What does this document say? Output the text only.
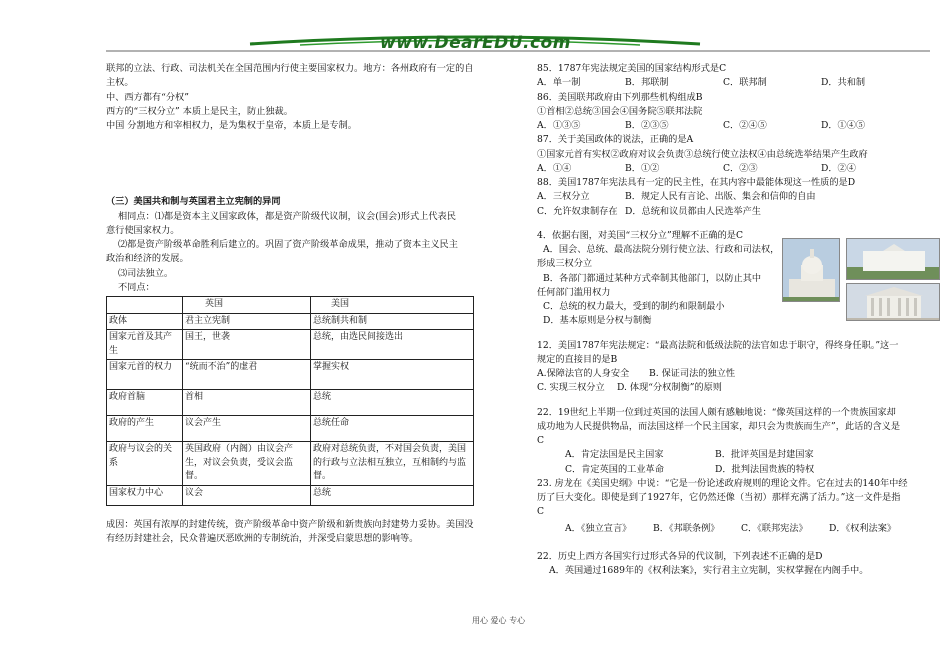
www.DearEDU.com
联邦的立法、行政、司法机关在全国范围内行使主要国家权力。地方：各州政府有一定的自
主权。
中、西方都有“分权”
西方的“三权分立” 本质上是民主，防止独裁。
中国 分割地方和宰相权力，是为集权于皇帝，本质上是专制。
（三）美国共和制与英国君主立宪制的异同
相同点：⑴都是资本主义国家政体，都是资产阶级代议制，议会(国会)形式上代表民
意行使国家权力。
⑵都是资产阶级革命胜利后建立的。巩固了资产阶级革命成果，推动了资本主义民主
政治和经济的发展。
⑶司法独立。
不同点：
	英国	美国
政体	君主立宪制	总统制共和制
国家元首及其产生	国王，世袭	总统，由选民间接选出
国家元首的权力	“统而不治”的虚君	掌握实权
政府首脑	首相	总统
政府的产生	议会产生	总统任命
政府与议会的关系	英国政府（内阁）由议会产生，对议会负责，受议会监督。	政府对总统负责，不对国会负责，美国的行政与立法相互独立，互相制约与监督。
国家权力中心	议会	总统
成因：英国有浓厚的封建传统，资产阶级革命中资产阶级和新贵族向封建势力妥协。美国没
有经历封建社会，民众普遍厌恶欧洲的专制统治，并深受启蒙思想的影响等。
85．1787年宪法规定美国的国家结构形式是C
A．单一制	B．邦联制	C．联邦制	D．共和制
86．美国联邦政府由下列那些机构组成B
①首相②总统③国会④国务院⑤联邦法院
A．①③⑤	B．②③⑤	C．②④⑤	D．①④⑤
87．关于美国政体的说法，正确的是A
①国家元首有实权②政府对议会负责③总统行使立法权④由总统选举结果产生政府
A．①④	B．①②	C．②③	D．②④
88．美国1787年宪法具有一定的民主性，在其内容中最能体现这一性质的是D
A．三权分立	B．规定人民有言论、出版、集会和信仰的自由
C．允许奴隶制存在 D．总统和议员都由人民选举产生
4．依据右图，对美国“三权分立”理解不正确的是C
A．国会、总统、最高法院分别行使立法、行政和司法权，
形成三权分立
B．各部门都通过某种方式牵制其他部门，以防止其中
任何部门滥用权力
C．总统的权力最大，受到的制约和限制最小
D．基本原则是分权与制衡
12．美国1787年宪法规定：“最高法院和低级法院的法官如忠于职守，得终身任职。”这一
规定的直接目的是B
A.保障法官的人身安全 B. 保证司法的独立性
C. 实现三权分立 D. 体现“分权制衡”的原则
22．19世纪上半期一位到过英国的法国人颇有感触地说：“像英国这样的一个贵族国家却
成功地为人民提供物品，而法国这样一个民主国家，却只会为贵族而生产”，此话的含义是
C
A．肯定法国是民主国家	B．批评英国是封建国家
C．肯定英国的工业革命	D．批判法国贵族的特权
23. 房龙在《美国史纲》中说：“它是一份论述政府规则的理论文件。它在过去的140年中经
历了巨大变化。即使是到了1927年，它仍然还像（当初）那样充满了活力。”这一文件是指
C
A．《独立宣言》 B．《邦联条例》 C．《联邦宪法》 D．《权利法案》
22．历史上西方各国实行过形式各异的代议制，下列表述不正确的是D
A．英国通过1689年的《权利法案》，实行君主立宪制，实权掌握在内阁手中。
用心 爱心 专心
